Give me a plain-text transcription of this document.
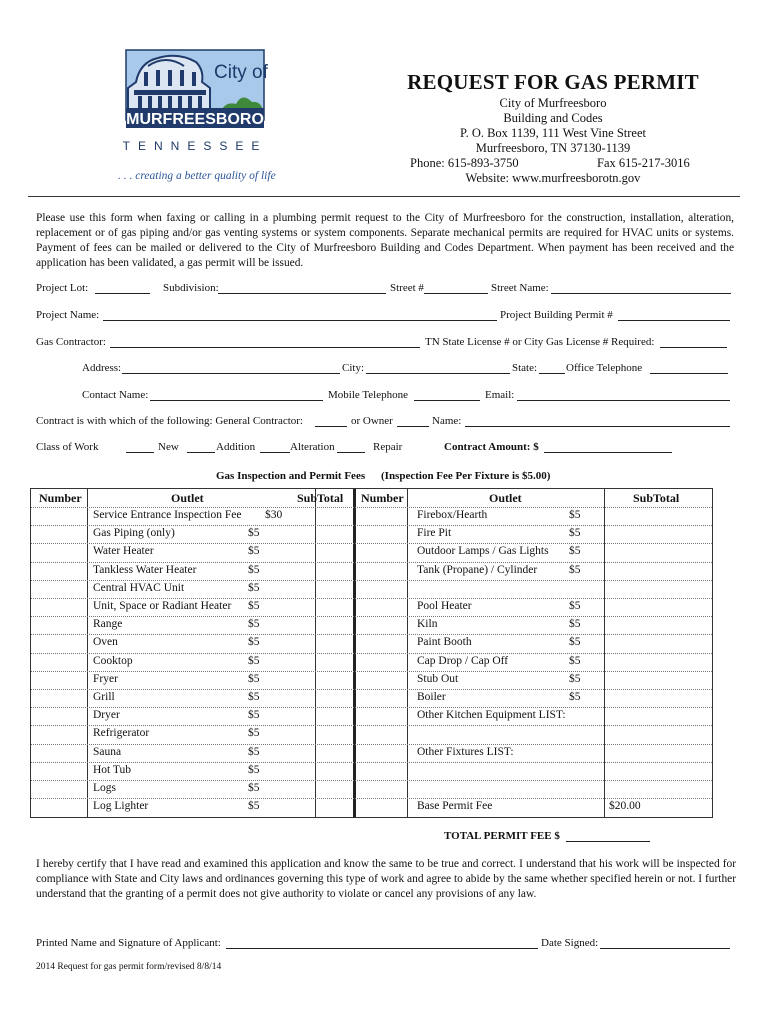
City of
MURFREESBORO
TENNESSEE
. . . creating a better quality of life
REQUEST FOR GAS PERMIT
City of Murfreesboro
Building and Codes
P. O. Box 1139, 111 West Vine Street
Murfreesboro, TN 37130-1139
Phone: 615-893-3750	Fax 615-217-3016
Website: www.murfreesborotn.gov
Please use this form when faxing or calling in a plumbing permit request to the City of Murfreesboro for the construction, installation, alteration, replacement or of gas piping and/or gas venting systems or system components. Separate mechanical permits are required for HVAC units or systems. Payment of fees can be mailed or delivered to the City of Murfreesboro Building and Codes Department. When payment has been received and the application has been validated, a gas permit will be issued.
Project Lot:	Subdivision:	Street #	Street Name:
Project Name:	Project Building Permit #
Gas Contractor:	TN State License # or City Gas License # Required:
Address:	City:	State:	Office Telephone
Contact Name:	Mobile Telephone	Email:
Contract is with which of the following: General Contractor:	or Owner	Name:
Class of Work	New	Addition	Alteration	Repair	Contract Amount: $
Gas Inspection and Permit Fees (Inspection Fee Per Fixture is $5.00)
Number	Outlet	SubTotal Number	Outlet	SubTotal
Service Entrance Inspection Fee $30	Firebox/Hearth	$5
Gas Piping (only)	$5	Fire Pit	$5
Water Heater	$5	Outdoor Lamps / Gas Lights $5
Tankless Water Heater	$5	Tank (Propane) / Cylinder	$5
Central HVAC Unit	$5
Unit, Space or Radiant Heater $5	Pool Heater	$5
Range	$5	Kiln	$5
Oven	$5	Paint Booth	$5
Cooktop	$5	Cap Drop / Cap Off	$5
Fryer	$5	Stub Out	$5
Grill	$5	Boiler	$5
Dryer	$5	Other Kitchen Equipment LIST:
Refrigerator	$5
Sauna	$5	Other Fixtures LIST:
Hot Tub	$5
Logs	$5
Log Lighter	$5	Base Permit Fee	$20.00
TOTAL PERMIT FEE $
I hereby certify that I have read and examined this application and know the same to be true and correct. I understand that his work will be inspected for compliance with State and City laws and ordinances governing this type of work and agree to abide by the same whether specified herein or not. I further understand that the granting of a permit does not give authority to violate or cancel any provisions of any law.
Printed Name and Signature of Applicant:	Date Signed:
2014 Request for gas permit form/revised 8/8/14
